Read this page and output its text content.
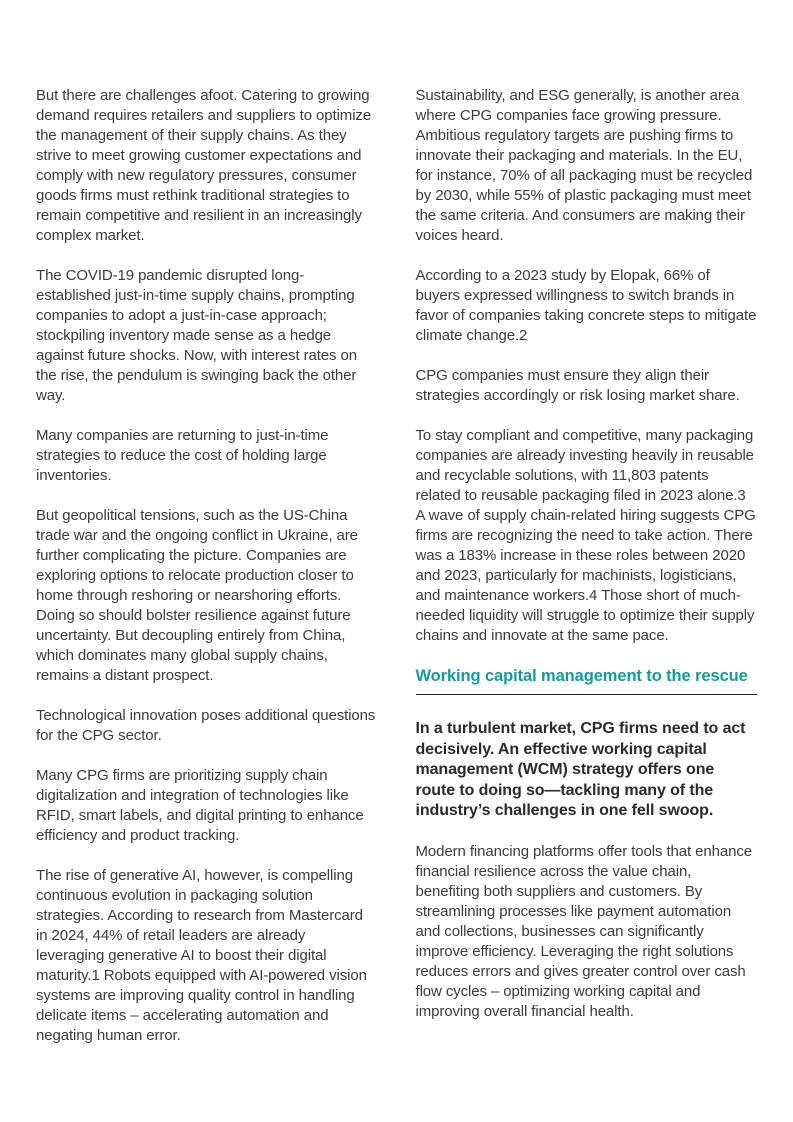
But there are challenges afoot. Catering to growing demand requires retailers and suppliers to optimize the management of their supply chains. As they strive to meet growing customer expectations and comply with new regulatory pressures, consumer goods firms must rethink traditional strategies to remain competitive and resilient in an increasingly complex market.

The COVID-19 pandemic disrupted long-established just-in-time supply chains, prompting companies to adopt a just-in-case approach; stockpiling inventory made sense as a hedge against future shocks. Now, with interest rates on the rise, the pendulum is swinging back the other way.

Many companies are returning to just-in-time strategies to reduce the cost of holding large inventories.

But geopolitical tensions, such as the US-China trade war and the ongoing conflict in Ukraine, are further complicating the picture. Companies are exploring options to relocate production closer to home through reshoring or nearshoring efforts. Doing so should bolster resilience against future uncertainty. But decoupling entirely from China, which dominates many global supply chains, remains a distant prospect.

Technological innovation poses additional questions for the CPG sector.

Many CPG firms are prioritizing supply chain digitalization and integration of technologies like RFID, smart labels, and digital printing to enhance efficiency and product tracking.

The rise of generative AI, however, is compelling continuous evolution in packaging solution strategies. According to research from Mastercard in 2024, 44% of retail leaders are already leveraging generative AI to boost their digital maturity.1 Robots equipped with AI-powered vision systems are improving quality control in handling delicate items – accelerating automation and negating human error.

Sustainability, and ESG generally, is another area where CPG companies face growing pressure. Ambitious regulatory targets are pushing firms to innovate their packaging and materials. In the EU, for instance, 70% of all packaging must be recycled by 2030, while 55% of plastic packaging must meet the same criteria. And consumers are making their voices heard.

According to a 2023 study by Elopak, 66% of buyers expressed willingness to switch brands in favor of companies taking concrete steps to mitigate climate change.2

CPG companies must ensure they align their strategies accordingly or risk losing market share.

To stay compliant and competitive, many packaging companies are already investing heavily in reusable and recyclable solutions, with 11,803 patents related to reusable packaging filed in 2023 alone.3 A wave of supply chain-related hiring suggests CPG firms are recognizing the need to take action. There was a 183% increase in these roles between 2020 and 2023, particularly for machinists, logisticians, and maintenance workers.4 Those short of much-needed liquidity will struggle to optimize their supply chains and innovate at the same pace.

Working capital management to the rescue

In a turbulent market, CPG firms need to act decisively. An effective working capital management (WCM) strategy offers one route to doing so—tackling many of the industry’s challenges in one fell swoop.

Modern financing platforms offer tools that enhance financial resilience across the value chain, benefiting both suppliers and customers. By streamlining processes like payment automation and collections, businesses can significantly improve efficiency. Leveraging the right solutions reduces errors and gives greater control over cash flow cycles – optimizing working capital and improving overall financial health.
